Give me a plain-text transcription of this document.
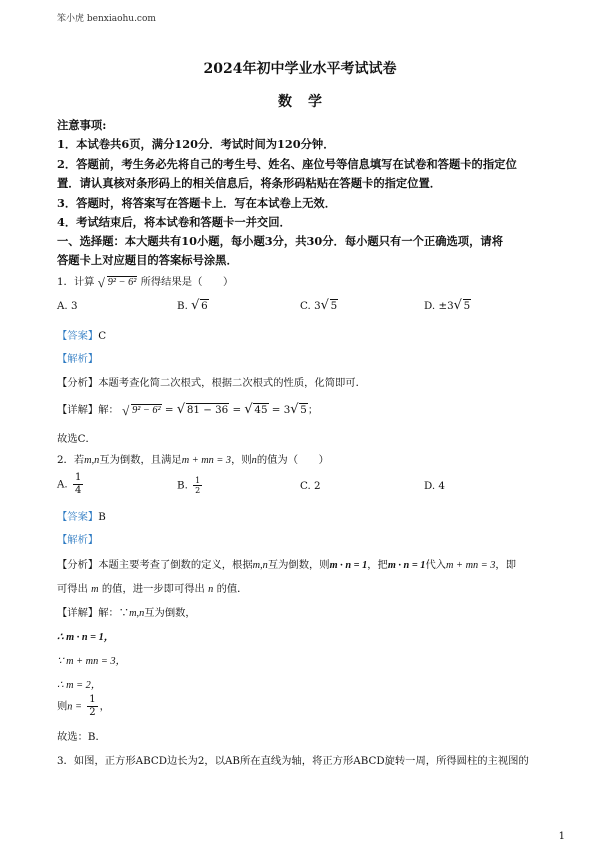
笨小虎 benxiaohu.com
2024年初中学业水平考试试卷
数学
注意事项:
1．本试卷共6页，满分120分．考试时间为120分钟．
2．答题前，考生务必先将自己的考生号、姓名、座位号等信息填写在试卷和答题卡的指定位
置．请认真核对条形码上的相关信息后，将条形码粘贴在答题卡的指定位置．
3．答题时，将答案写在答题卡上．写在本试卷上无效．
4．考试结束后，将本试卷和答题卡一并交回．
一、选择题：本大题共有10小题，每小题3分，共30分．每小题只有一个正确选项，请将
答题卡上对应题目的答案标号涂黑．
1．计算 √ 9² − 6² 所得结果是（　　）
A. 3	B. √ 6	C. 3 √ 5	D. ±3 √ 5
【答案】C
【解析】
【分析】本题考查化简二次根式，根据二次根式的性质，化简即可．
【详解】解： √ 9² − 6² = √ 81 − 36 = √ 45 = 3 √ 5；
故选C．
2．若m,n互为倒数，且满足m + mn = 3，则n的值为（　　）
A. $\frac{1}{4}$	B. $\frac{1}{2}$	C. 2	D. 4
【答案】B
【解析】
【分析】本题主要考查了倒数的定义，根据m,n互为倒数，则m · n = 1，把m · n = 1代入m + mn = 3，即
可得出 m 的值，进一步即可得出 n 的值．
【详解】解：∵m,n互为倒数，
∴ m · n = 1，
∵ m + mn = 3，
∴ m = 2，
则$n = \frac{1}{2}$ ，
故选：B．
3．如图，正方形ABCD边长为2，以AB所在直线为轴，将正方形ABCD旋转一周，所得圆柱的主视图的
1
